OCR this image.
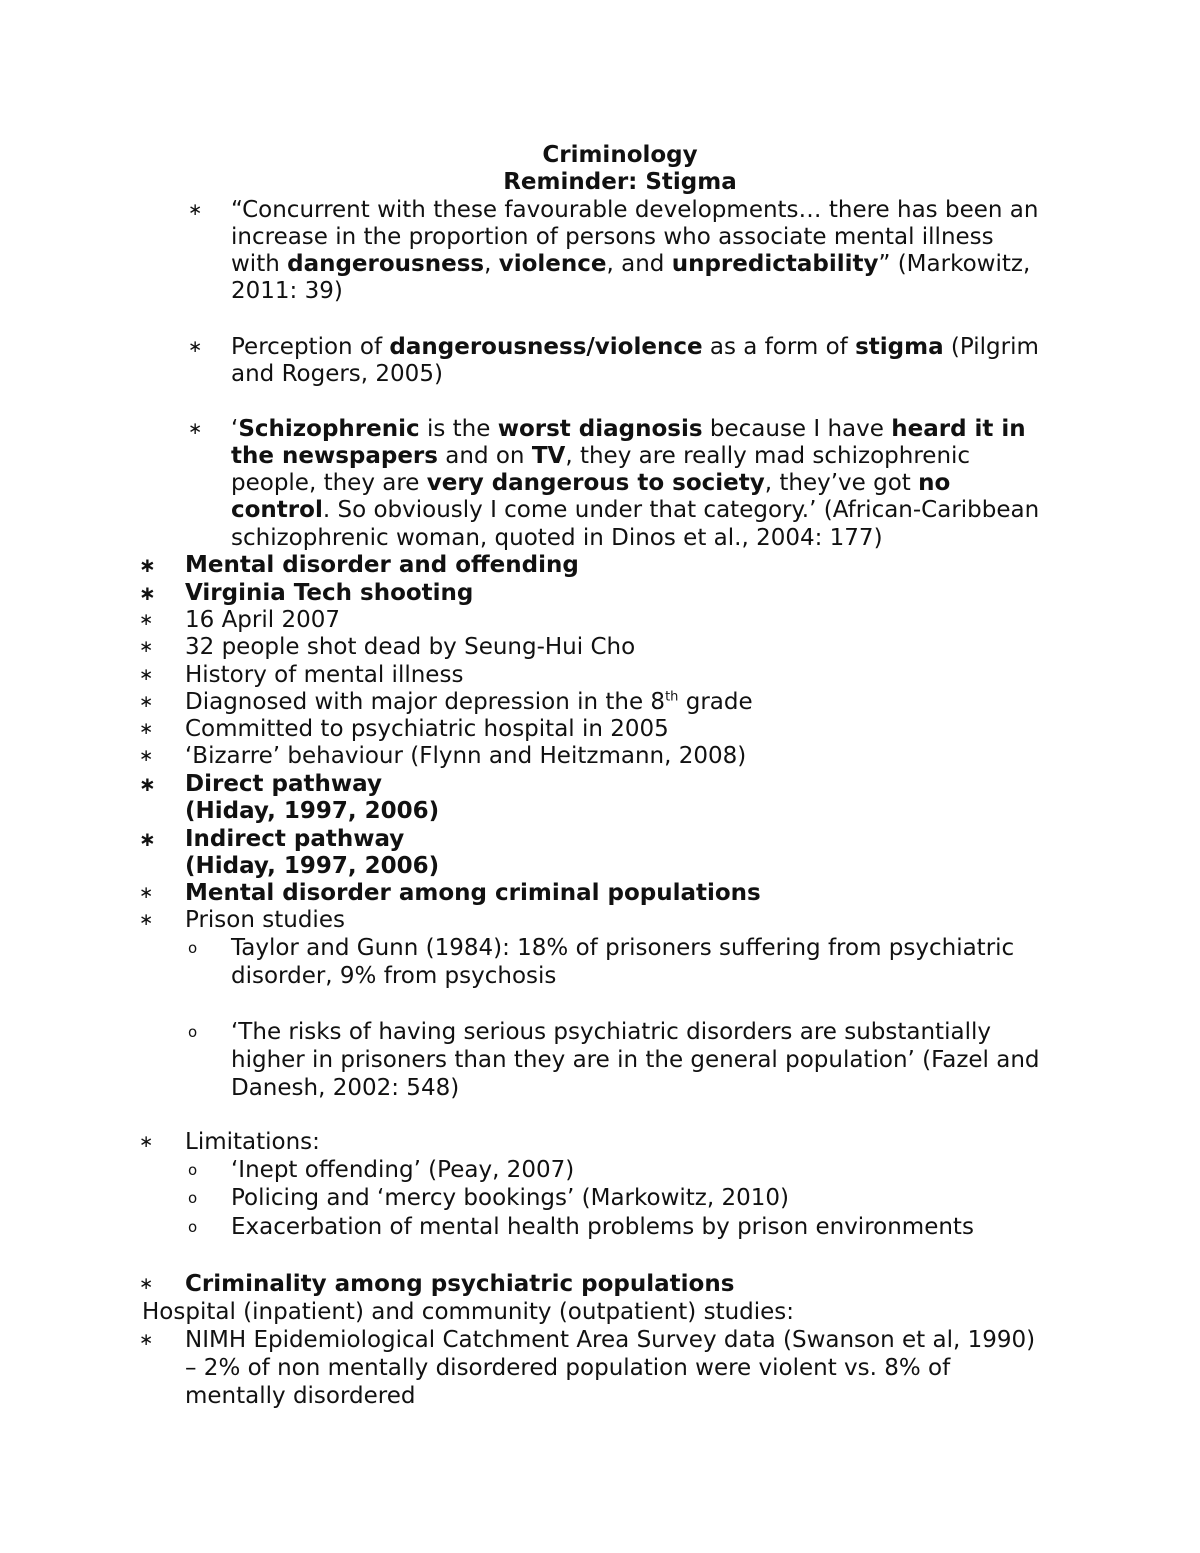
Criminology
Reminder: Stigma
∗ “Concurrent with these favourable developments… there has been an
increase in the proportion of persons who associate mental illness
with dangerousness, violence, and unpredictability” (Markowitz,
2011: 39)
∗ Perception of dangerousness/violence as a form of stigma (Pilgrim
and Rogers, 2005)
∗ ‘Schizophrenic is the worst diagnosis because I have heard it in
the newspapers and on TV, they are really mad schizophrenic
people, they are very dangerous to society, they’ve got no
control. So obviously I come under that category.’ (African-Caribbean
schizophrenic woman, quoted in Dinos et al., 2004: 177)
∗ Mental disorder and offending
∗ Virginia Tech shooting
∗ 16 April 2007
∗ 32 people shot dead by Seung-Hui Cho
∗ History of mental illness
∗ Diagnosed with major depression in the 8th grade
∗ Committed to psychiatric hospital in 2005
∗ ‘Bizarre’ behaviour (Flynn and Heitzmann, 2008)
∗ Direct pathway
(Hiday, 1997, 2006)
∗ Indirect pathway
(Hiday, 1997, 2006)
∗ Mental disorder among criminal populations
∗ Prison studies
o Taylor and Gunn (1984): 18% of prisoners suffering from psychiatric
disorder, 9% from psychosis
o ‘The risks of having serious psychiatric disorders are substantially
higher in prisoners than they are in the general population’ (Fazel and
Danesh, 2002: 548)
∗ Limitations:
o ‘Inept offending’ (Peay, 2007)
o Policing and ‘mercy bookings’ (Markowitz, 2010)
o Exacerbation of mental health problems by prison environments
∗ Criminality among psychiatric populations
Hospital (inpatient) and community (outpatient) studies:
∗ NIMH Epidemiological Catchment Area Survey data (Swanson et al, 1990)
– 2% of non mentally disordered population were violent vs. 8% of
mentally disordered
